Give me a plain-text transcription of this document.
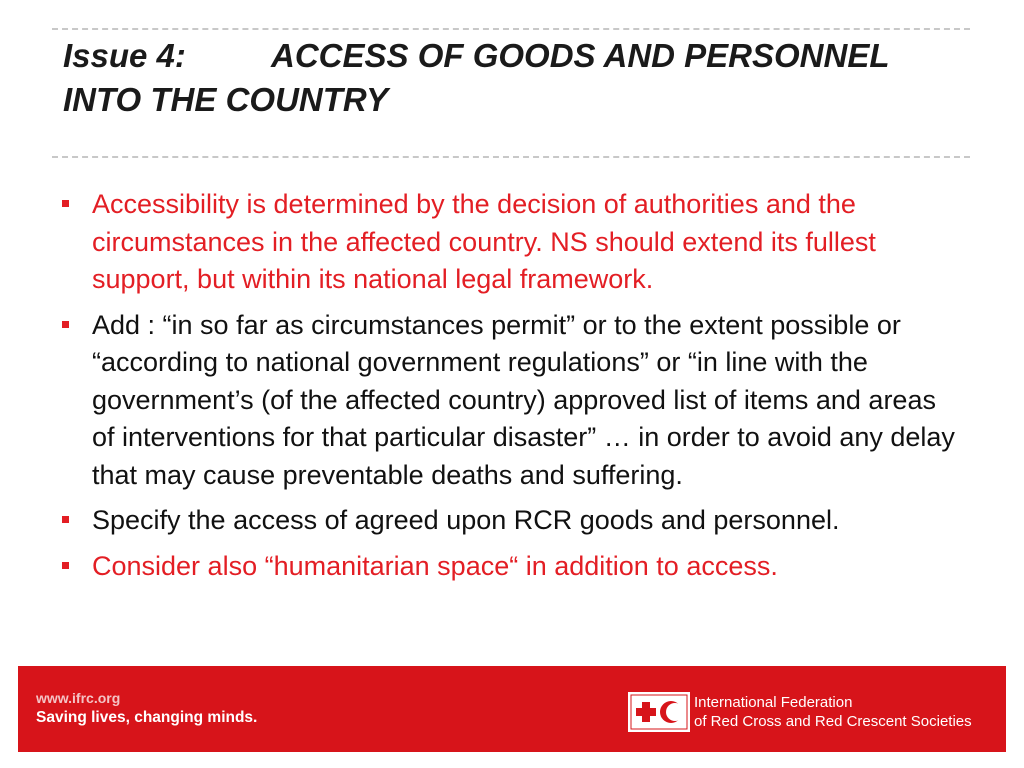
Issue 4:	ACCESS OF GOODS AND PERSONNEL
INTO THE COUNTRY
Accessibility is determined by the decision of authorities and the circumstances in the affected country. NS should extend its fullest support, but within its national legal framework.
Add : “in so far as circumstances permit” or to the extent possible or “according to national government regulations” or “in line with the government’s (of the affected country) approved list of items and areas of interventions for that particular disaster” … in order to avoid any delay that may cause preventable deaths and suffering.
Specify the access of agreed upon RCR goods and personnel.
Consider also “humanitarian space“ in addition to access.
www.ifrc.org
Saving lives, changing minds.
International Federation
of Red Cross and Red Crescent Societies
